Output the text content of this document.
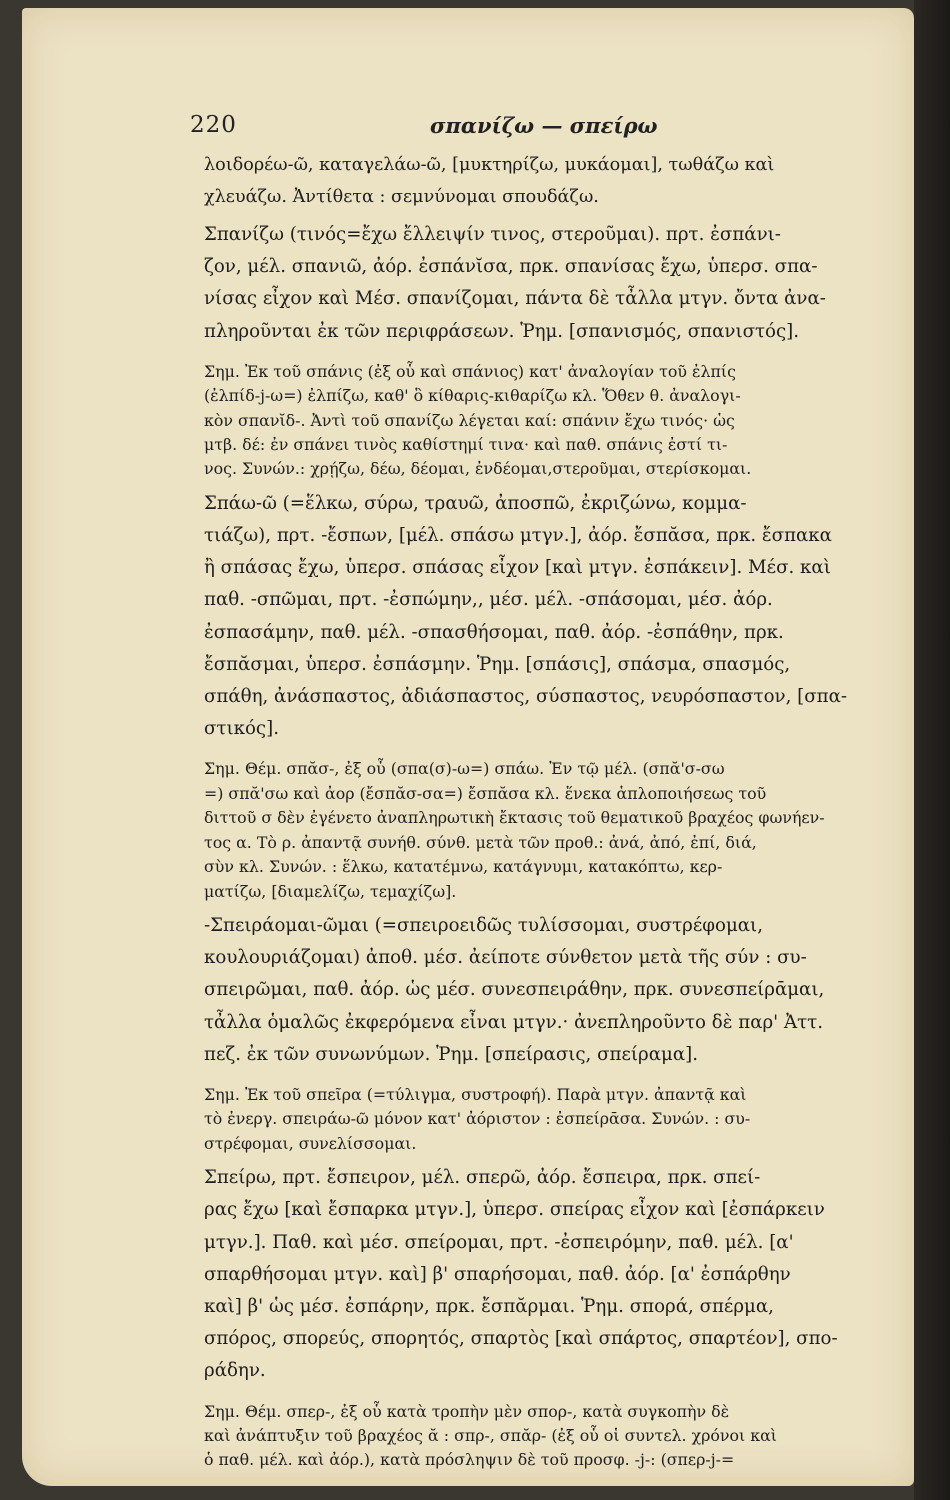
220	σπανίζω — σπείρω
λοιδορέω-ῶ, καταγελάω-ῶ, [μυκτηρίζω, μυκάομαι], τωθάζω καὶ
χλευάζω. Ἀντίθετα : σεμνύνομαι σπουδάζω.
Σπανίζω (τινός=ἔχω ἔλλειψίν τινος, στεροῦμαι). πρτ. ἐσπάνι-
ζον, μέλ. σπανιῶ, ἀόρ. ἐσπάνῐσα, πρκ. σπανίσας ἔχω, ὑπερσ. σπα-
νίσας εἶχον καὶ Μέσ. σπανίζομαι, πάντα δὲ τἆλλα μτγν. ὄντα ἀνα-
πληροῦνται ἐκ τῶν περιφράσεων. Ῥημ. [σπανισμός, σπανιστός].
Σημ. Ἐκ τοῦ σπάνις (ἐξ οὗ καὶ σπάνιος) κατ' ἀναλογίαν τοῦ ἐλπίς
(ἐλπίδ-j-ω=) ἐλπίζω, καθ' ὃ κίθαρις-κιθαρίζω κλ. Ὅθεν θ. ἀναλογι-
κὸν σπανῐδ-. Ἀντὶ τοῦ σπανίζω λέγεται καί: σπάνιν ἔχω τινός· ὡς
μτβ. δέ: ἐν σπάνει τινὸς καθίστημί τινα· καὶ παθ. σπάνις ἐστί τι-
νος. Συνών.: χρῄζω, δέω, δέομαι, ἐνδέομαι,στεροῦμαι, στερίσκομαι.
Σπάω-ῶ (=ἕλκω, σύρω, τραυῶ, ἀποσπῶ, ἐκριζώνω, κομμα-
τιάζω), πρτ. -ἔσπων, [μέλ. σπάσω μτγν.], ἀόρ. ἔσπᾰσα, πρκ. ἔσπακα
ἢ σπάσας ἔχω, ὑπερσ. σπάσας εἶχον [καὶ μτγν. ἐσπάκειν]. Μέσ. καὶ
παθ. -σπῶμαι, πρτ. -ἐσπώμην,, μέσ. μέλ. -σπάσομαι, μέσ. ἀόρ.
ἐσπασάμην, παθ. μέλ. -σπασθήσομαι, παθ. ἀόρ. -ἐσπάθην, πρκ.
ἔσπᾰσμαι, ὑπερσ. ἐσπάσμην. Ῥημ. [σπάσις], σπάσμα, σπασμός,
σπάθη, ἀνάσπαστος, ἀδιάσπαστος, σύσπαστος, νευρόσπαστον, [σπα-
στικός].
Σημ. Θέμ. σπᾰσ-, ἐξ οὗ (σπα(σ)-ω=) σπάω. Ἐν τῷ μέλ. (σπᾰ'σ-σω
=) σπᾰ'σω καὶ ἀορ (ἔσπᾰσ-σα=) ἔσπᾰσα κλ. ἕνεκα ἁπλοποιήσεως τοῦ
διττοῦ σ δὲν ἐγένετο ἀναπληρωτικὴ ἔκτασις τοῦ θεματικοῦ βραχέος φωνήεν-
τος α. Τὸ ρ. ἀπαντᾷ συνήθ. σύνθ. μετὰ τῶν προθ.: ἀνά, ἀπό, ἐπί, διά,
σὺν κλ. Συνών. : ἕλκω, κατατέμνω, κατάγνυμι, κατακόπτω, κερ-
ματίζω, [διαμελίζω, τεμαχίζω].
-Σπειράομαι-ῶμαι (=σπειροειδῶς τυλίσσομαι, συστρέφομαι,
κουλουριάζομαι) ἀποθ. μέσ. ἀείποτε σύνθετον μετὰ τῆς σύν : συ-
σπειρῶμαι, παθ. ἀόρ. ὡς μέσ. συνεσπειράθην, πρκ. συνεσπείρᾱμαι,
τἆλλα ὁμαλῶς ἐκφερόμενα εἶναι μτγν.· ἀνεπληροῦντο δὲ παρ' Ἀττ.
πεζ. ἐκ τῶν συνωνύμων. Ῥημ. [σπείρασις, σπείραμα].
Σημ. Ἐκ τοῦ σπεῖρα (=τύλιγμα, συστροφή). Παρὰ μτγν. ἀπαντᾷ καὶ
τὸ ἐνεργ. σπειράω-ῶ μόνον κατ' ἀόριστον : ἐσπείρᾱσα. Συνών. : συ-
στρέφομαι, συνελίσσομαι.
Σπείρω, πρτ. ἔσπειρον, μέλ. σπερῶ, ἀόρ. ἔσπειρα, πρκ. σπεί-
ρας ἔχω [καὶ ἔσπαρκα μτγν.], ὑπερσ. σπείρας εἶχον καὶ [ἐσπάρκειν
μτγν.]. Παθ. καὶ μέσ. σπείρομαι, πρτ. -ἐσπειρόμην, παθ. μέλ. [α'
σπαρθήσομαι μτγν. καὶ] β' σπαρήσομαι, παθ. ἀόρ. [α' ἐσπάρθην
καὶ] β' ὡς μέσ. ἐσπάρην, πρκ. ἔσπᾰρμαι. Ῥημ. σπορά, σπέρμα,
σπόρος, σπορεύς, σπορητός, σπαρτὸς [καὶ σπάρτος, σπαρτέον], σπο-
ράδην.
Σημ. Θέμ. σπερ-, ἐξ οὗ κατὰ τροπὴν μὲν σπορ-, κατὰ συγκοπὴν δὲ
καὶ ἀνάπτυξιν τοῦ βραχέος ᾰ : σπρ-, σπᾰρ- (ἐξ οὗ οἱ συντελ. χρόνοι καὶ
ὁ παθ. μέλ. καὶ ἀόρ.), κατὰ πρόσληψιν δὲ τοῦ προσφ. -j-: (σπερ-j-=
